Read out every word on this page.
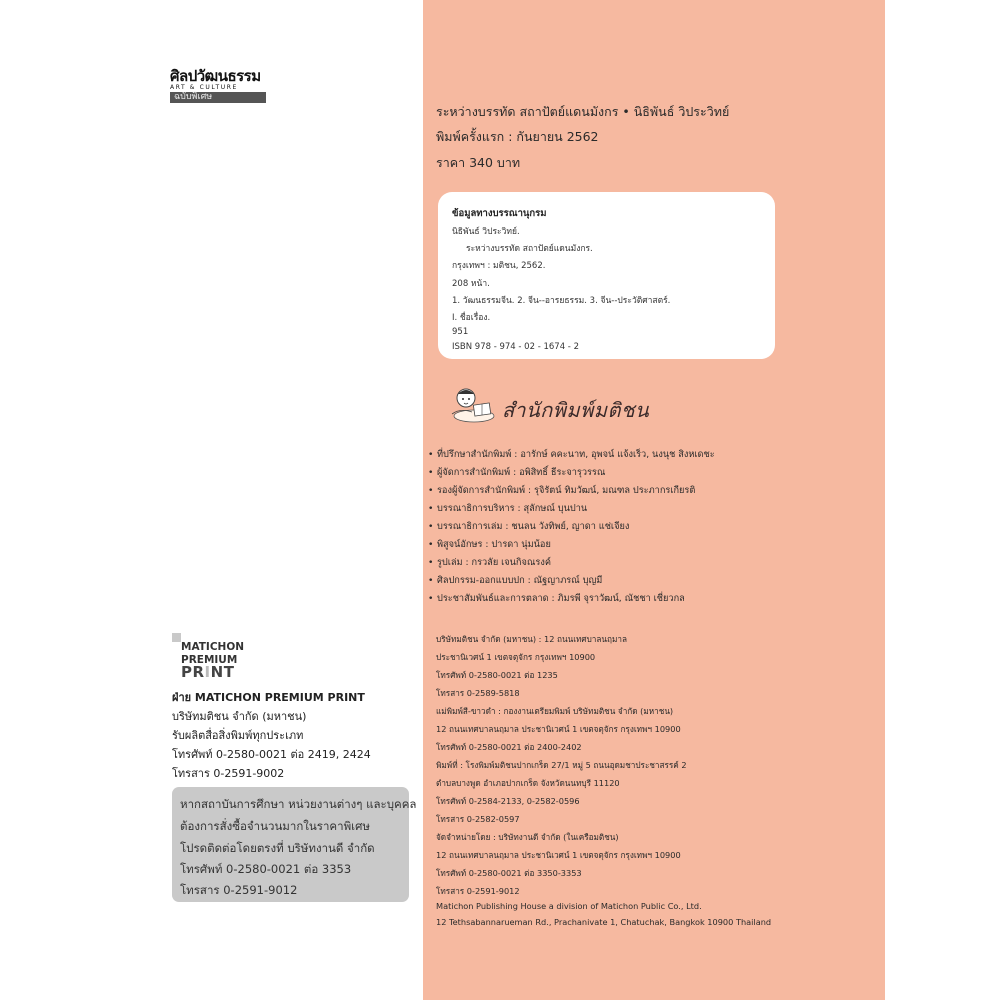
ศิลปวัฒนธรรม
ART & CULTURE
ฉบับพิเศษ
ระหว่างบรรทัด สถาปัตย์แดนมังกร • นิธิพันธ์ วิประวิทย์
พิมพ์ครั้งแรก : กันยายน 2562
ราคา 340 บาท
ข้อมูลทางบรรณานุกรม
นิธิพันธ์ วิประวิทย์.
ระหว่างบรรทัด สถาปัตย์แดนมังกร.
กรุงเทพฯ : มติชน, 2562.
208 หน้า.
1. วัฒนธรรมจีน. 2. จีน--อารยธรรม. 3. จีน--ประวัติศาสตร์.
I. ชื่อเรื่อง.
951
ISBN 978 - 974 - 02 - 1674 - 2
สำนักพิมพ์มติชน
• ที่ปรึกษาสำนักพิมพ์ : อารักษ์ คคะนาท, อุพจน์ แจ้งเร็ว, นงนุช สิงหเดชะ
• ผู้จัดการสำนักพิมพ์ : อพิสิทธิ์ ธีระจารุวรรณ
• รองผู้จัดการสำนักพิมพ์ : รุจิรัตน์ ทิมวัฒน์, มณฑล ประภากรเกียรติ
• บรรณาธิการบริหาร : สุลักษณ์ บุนปาน
• บรรณาธิการเล่ม : ชนลน วังทิพย์, ญาดา แช่เจียง
• พิสูจน์อักษร : ปารดา นุ่มน้อย
• รูปเล่ม : กรวลัย เจนกิจณรงค์
• ศิลปกรรม-ออกแบบปก : ณัฐญาภรณ์ บุญมี
• ประชาสัมพันธ์และการตลาด : ภิมรพี จุราวัฒน์, ณัชชา เชี่ยวกล
บริษัทมติชน จำกัด (มหาชน) : 12 ถนนเทศบาลนฤมาล
ประชานิเวศน์ 1 เขตจตุจักร กรุงเทพฯ 10900
โทรศัพท์ 0-2580-0021 ต่อ 1235
โทรสาร 0-2589-5818
แม่พิมพ์สี-ขาวดำ : กองงานเตรียมพิมพ์ บริษัทมติชน จำกัด (มหาชน)
12 ถนนเทศบาลนฤมาล ประชานิเวศน์ 1 เขตจตุจักร กรุงเทพฯ 10900
โทรศัพท์ 0-2580-0021 ต่อ 2400-2402
พิมพ์ที่ : โรงพิมพ์มติชนปากเกร็ด 27/1 หมู่ 5 ถนนอุดมชาประชาสรรค์ 2
ตำบลบางพูด อำเภอปากเกร็ด จังหวัดนนทบุรี 11120
โทรศัพท์ 0-2584-2133, 0-2582-0596
โทรสาร 0-2582-0597
จัดจำหน่ายโดย : บริษัทงานดี จำกัด (ในเครือมติชน)
12 ถนนเทศบาลนฤมาล ประชานิเวศน์ 1 เขตจตุจักร กรุงเทพฯ 10900
โทรศัพท์ 0-2580-0021 ต่อ 3350-3353
โทรสาร 0-2591-9012
Matichon Publishing House a division of Matichon Public Co., Ltd.
12 Tethsabannarueman Rd., Prachanivate 1, Chatuchak, Bangkok 10900 Thailand
MATICHON
PREMIUM
PRINT
ฝ่าย MATICHON PREMIUM PRINT
บริษัทมติชน จำกัด (มหาชน)
รับผลิตสื่อสิ่งพิมพ์ทุกประเภท
โทรศัพท์ 0-2580-0021 ต่อ 2419, 2424
โทรสาร 0-2591-9002
หากสถาบันการศึกษา หน่วยงานต่างๆ และบุคคล
ต้องการสั่งซื้อจำนวนมากในราคาพิเศษ
โปรดติดต่อโดยตรงที่ บริษัทงานดี จำกัด
โทรศัพท์ 0-2580-0021 ต่อ 3353
โทรสาร 0-2591-9012
